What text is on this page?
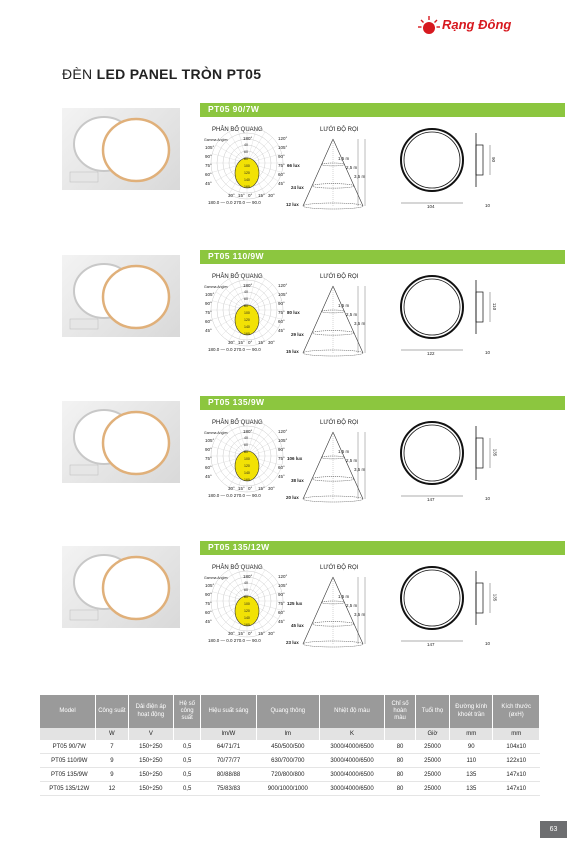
Rạng Đông
ĐÈN LED PANEL TRÒN PT05
PT05 90/7W
PHÂN BỐ QUANG	LƯỚI ĐỘ RỌI
Gamma Angles	180°
105°
90°
75°
60°
45°
120°
105°
90°
75°
60°
45°
30° 15° 0° 15° 30°
40
60
80
100
120
140
160
180.0 — 0.0 270.0 — 90.0
66 lux
24 lux
12 lux
1,5 m
2,5 m
3,5 m
104
90
10
PT05 110/9W
PHÂN BỐ QUANG	LƯỚI ĐỘ RỌI
Gamma Angles	180°
105°
90°
75°
60°
45°
120°
105°
90°
75°
60°
45°
30° 15° 0° 15° 30°
40
60
80
100
120
140
160
180.0 — 0.0 270.0 — 90.0
80 lux
29 lux
15 lux
1,5 m
2,5 m
3,5 m
122
110
10
PT05 135/9W
PHÂN BỐ QUANG	LƯỚI ĐỘ RỌI
Gamma Angles	180°
105°
90°
75°
60°
45°
120°
105°
90°
75°
60°
45°
30° 15° 0° 15° 30°
40
60
80
100
120
140
160
180.0 — 0.0 270.0 — 90.0
106 lux
38 lux
20 lux
1,5 m
2,5 m
3,5 m
147
135
10
PT05 135/12W
PHÂN BỐ QUANG	LƯỚI ĐỘ RỌI
Gamma Angles	180°
105°
90°
75°
60°
45°
120°
105°
90°
75°
60°
45°
30° 15° 0° 15° 30°
40
60
80
100
120
140
160
180.0 — 0.0 270.0 — 90.0
125 lux
45 lux
23 lux
1,5 m
2,5 m
3,5 m
147
135
10
Model	Công suất	Dải điện áp hoạt động	Hệ số công suất	Hiệu suất sáng	Quang thông	Nhiệt độ màu	Chỉ số hoàn màu	Tuổi thọ	Đường kính khoét trần	Kích thước (øxH)
	W	V		lm/W	lm	K		Giờ	mm	mm
PT05 90/7W	7	150÷250	0,5	64/71/71	450/500/500	3000/4000/6500	80	25000	90	104x10
PT05 110/9W	9	150÷250	0,5	70/77/77	630/700/700	3000/4000/6500	80	25000	110	122x10
PT05 135/9W	9	150÷250	0,5	80/88/88	720/800/800	3000/4000/6500	80	25000	135	147x10
PT05 135/12W	12	150÷250	0,5	75/83/83	900/1000/1000	3000/4000/6500	80	25000	135	147x10
63
